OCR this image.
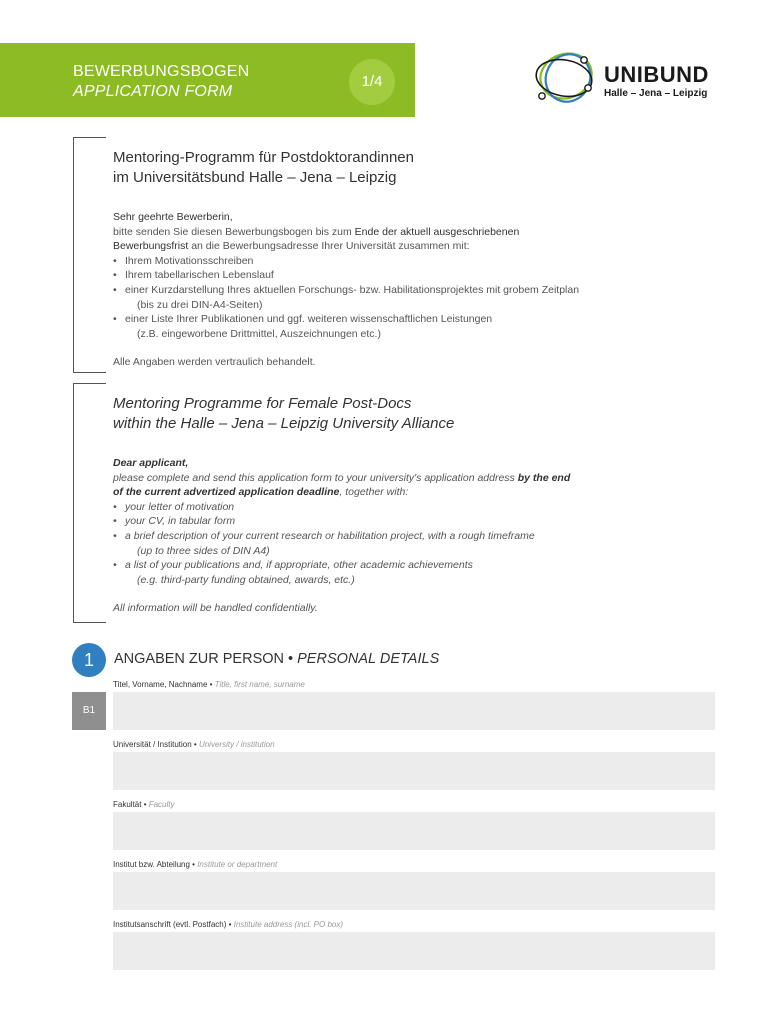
BEWERBUNGSBOGEN
APPLICATION FORM
1/4	UNIBUND
Halle – Jena – Leipzig
Mentoring-Programm für Postdoktorandinnen
im Universitätsbund Halle – Jena – Leipzig

Sehr geehrte Bewerberin,

bitte senden Sie diesen Bewerbungsbogen bis zum Ende der aktuell ausgeschriebenen
Bewerbungsfrist an die Bewerbungsadresse Ihrer Universität zusammen mit:

• Ihrem Motivationsschreiben
• Ihrem tabellarischen Lebenslauf
• einer Kurzdarstellung Ihres aktuellen Forschungs- bzw. Habilitationsprojektes mit grobem Zeitplan
(bis zu drei DIN-A4-Seiten)
• einer Liste Ihrer Publikationen und ggf. weiteren wissenschaftlichen Leistungen
(z.B. eingeworbene Drittmittel, Auszeichnungen etc.)

Alle Angaben werden vertraulich behandelt.

Mentoring Programme for Female Post-Docs
within the Halle – Jena – Leipzig University Alliance

Dear applicant,

please complete and send this application form to your university's application address by the end
of the current advertized application deadline, together with:

• your letter of motivation
• your CV, in tabular form
• a brief description of your current research or habilitation project, with a rough timeframe
(up to three sides of DIN A4)
• a list of your publications and, if appropriate, other academic achievements
(e.g. third-party funding obtained, awards, etc.)

All information will be handled confidentially.

1	ANGABEN ZUR PERSON • PERSONAL DETAILS
B1
Titel, Vorname, Nachname • Title, first name, surname
Universität / Institution • University / institution
Fakultät • Faculty
Institut bzw. Abteilung • Institute or department
Institutsanschrift (evtl. Postfach) • Institute address (incl. PO box)
